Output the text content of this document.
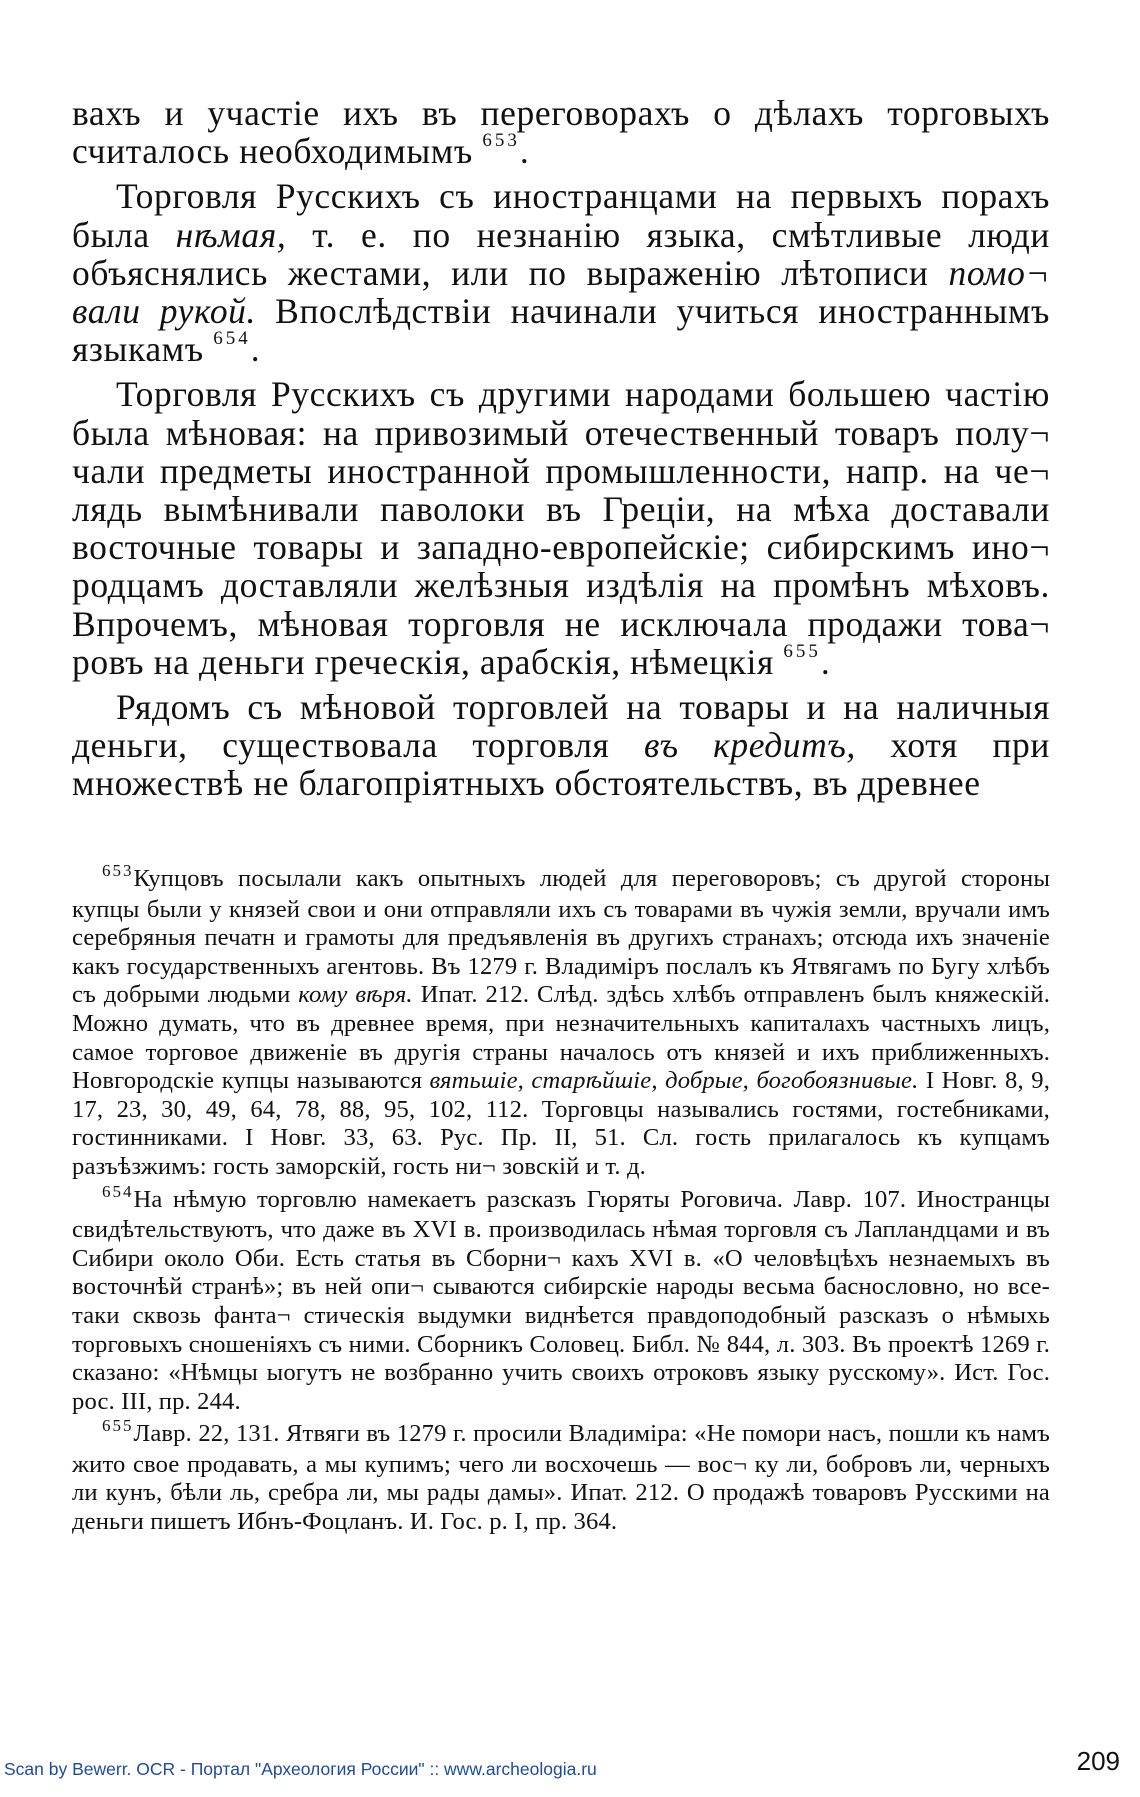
вахъ и участіе ихъ въ переговорахъ о дѣлахъ торговыхъ считалось необходимымъ $^{653}$.

Торговля Русскихъ съ иностранцами на первыхъ порахъ была нѣмая, т. е. по незнанію языка, смѣтливые люди объяснялись жестами, или по выраженію лѣтописи помо¬ вали рукой. Впослѣдствіи начинали учиться иностраннымъ языкамъ $^{654}$.

Торговля Русскихъ съ другими народами большею частію была мѣновая: на привозимый отечественный товаръ полу¬ чали предметы иностранной промышленности, напр. на че¬ лядь вымѣнивали паволоки въ Греціи, на мѣха доставали восточные товары и западно-европейскіе; сибирскимъ ино¬ родцамъ доставляли желѣзныя издѣлія на промѣнъ мѣховъ. Впрочемъ, мѣновая торговля не исключала продажи това¬ ровъ на деньги греческія, арабскія, нѣмецкія $^{655}$.

Рядомъ съ мѣновой торговлей на товары и на наличныя деньги, существовала торговля въ кредитъ, хотя при множествѣ не благопріятныхъ обстоятельствъ, въ древнее

$^{653}$Купцовъ посылали какъ опытныхъ людей для переговоровъ; съ другой стороны купцы были у князей свои и они отправляли ихъ съ товарами въ чужія земли, вручали имъ серебряныя печатн и грамоты для предъявленія въ другихъ странахъ; отсюда ихъ значеніе какъ государственныхъ агентовь. Въ 1279 г. Владиміръ послалъ къ Ятвягамъ по Бугу хлѣбъ съ добрыми людьми кому вѣря. Ипат. 212. Слѣд. здѣсь хлѣбъ отправленъ былъ княжескій. Можно думать, что въ древнее время, при незначительныхъ капиталахъ частныхъ лицъ, самое торговое движеніе въ другія страны началось отъ князей и ихъ приближенныхъ. Новгородскіе купцы называются вятьшіе, старѣйшіе, добрые, богобоязнивые. I Новг. 8, 9, 17, 23, 30, 49, 64, 78, 88, 95, 102, 112. Торговцы назывались гостями, гостебниками, гостинниками. I Новг. 33, 63. Рус. Пр. II, 51. Сл. гость прилагалось къ купцамъ разъѣзжимъ: гость заморскій, гость ни¬ зовскій и т. д.

$^{654}$На нѣмую торговлю намекаетъ разсказъ Гюряты Роговича. Лавр. 107. Иностранцы свидѣтельствуютъ, что даже въ XVI в. производилась нѣмая торговля съ Лапландцами и въ Сибири около Оби. Есть статья въ Сборни¬ кахъ XVI в. «О человѣцѣхъ незнаемыхъ въ восточнѣй странѣ»; въ ней опи¬ сываются сибирскіе народы весьма баснословно, но все-таки сквозь фанта¬ стическія выдумки виднѣется правдоподобный разсказъ о нѣмыхь торговыхъ сношеніяхъ съ ними. Сборникъ Соловец. Библ. № 844, л. 303. Въ проектѣ 1269 г. сказано: «Нѣмцы ыогутъ не возбранно учить своихъ отроковъ языку русскому». Ист. Гос. рос. III, пр. 244.

$^{655}$Лавр. 22, 131. Ятвяги въ 1279 г. просили Владиміра: «Не помори насъ, пошли къ намъ жито свое продавать, а мы купимъ; чего ли восхочешь — вос¬ ку ли, бобровъ ли, черныхъ ли кунъ, бѣли ль, сребра ли, мы рады дамы». Ипат. 212. О продажѣ товаровъ Русскими на деньги пишетъ Ибнъ-Фоцланъ. И. Гос. р. I, пр. 364.

Scan by Bewerr. OCR - Портал "Археология России" :: www.archeologia.ru	209
